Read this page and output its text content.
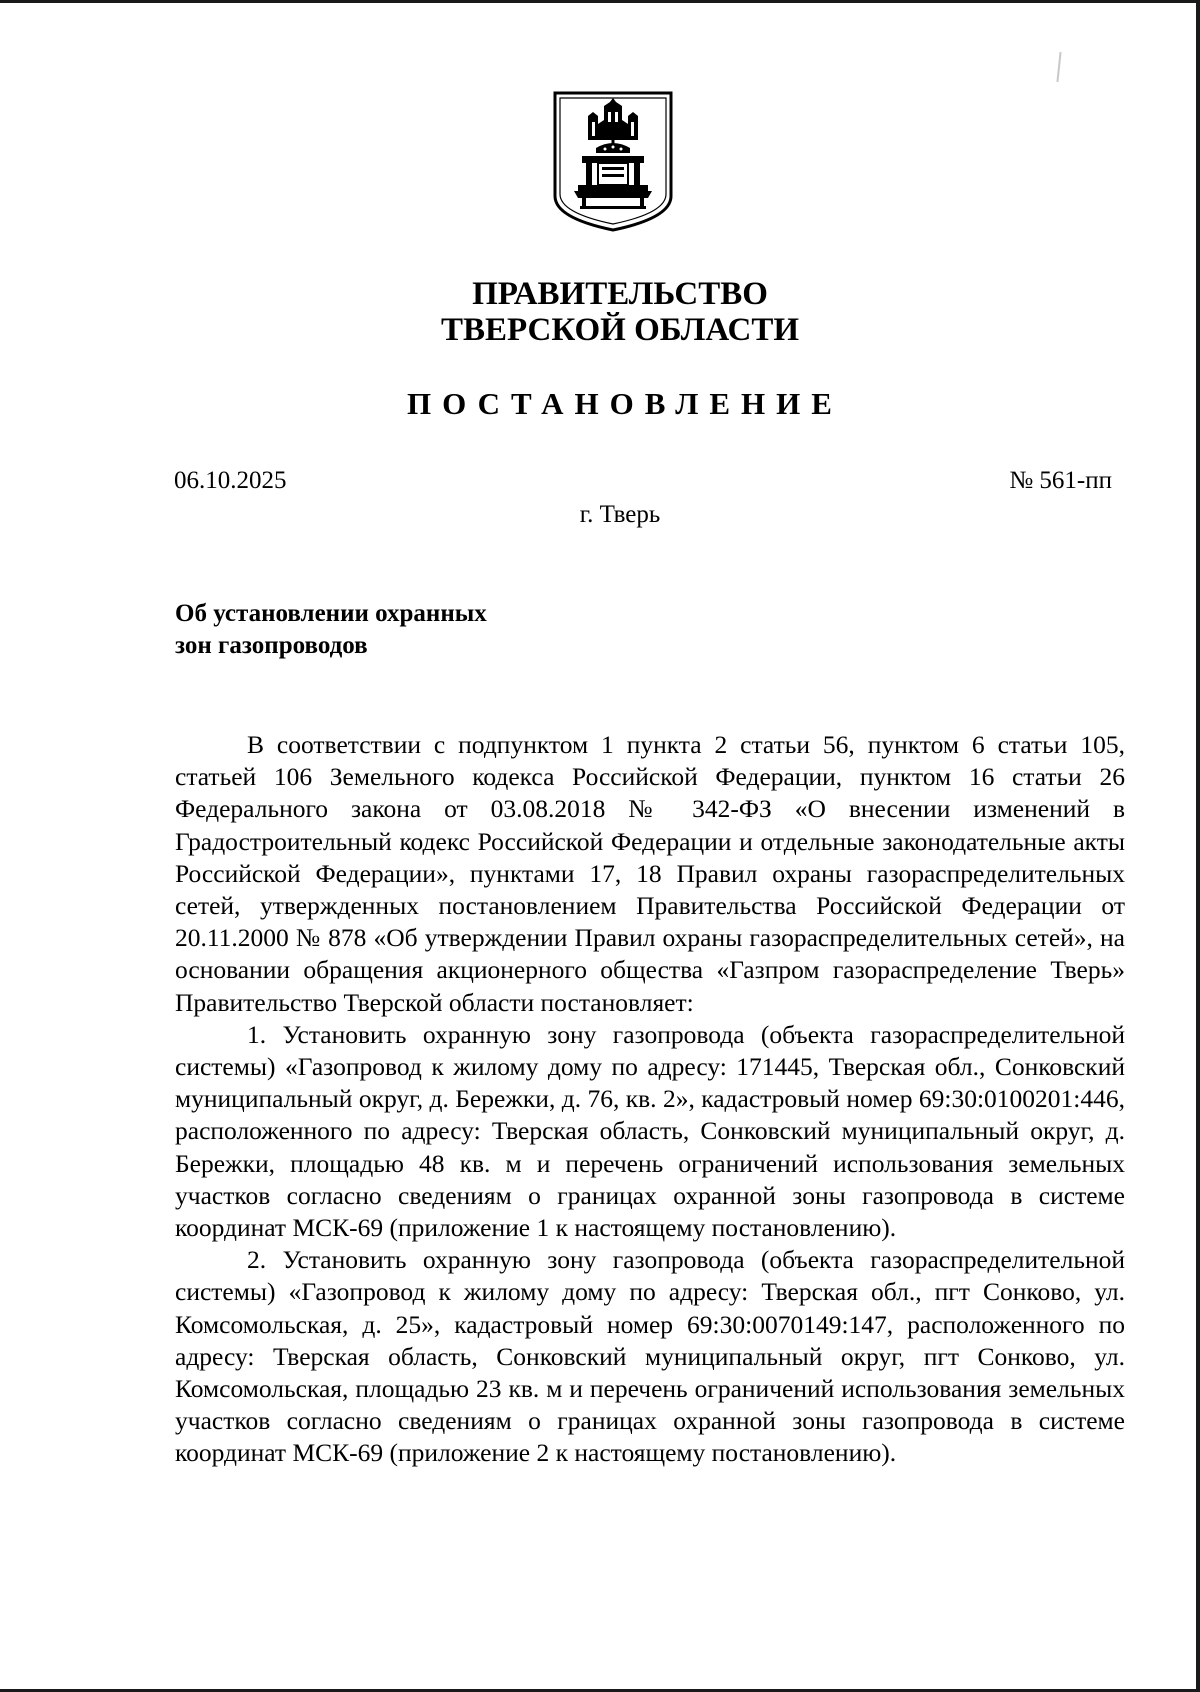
ПРАВИТЕЛЬСТВО
ТВЕРСКОЙ ОБЛАСТИ
ПОСТАНОВЛЕНИЕ
06.10.2025	№ 561-пп
г. Тверь
Об установлении охранных
зон газопроводов

В соответствии с подпунктом 1 пункта 2 статьи 56, пунктом 6 статьи 105, статьей 106 Земельного кодекса Российской Федерации, пунктом 16 статьи 26 Федерального закона от 03.08.2018 № 342-ФЗ «О внесении изменений в Градостроительный кодекс Российской Федерации и отдельные законодательные акты Российской Федерации», пунктами 17, 18 Правил охраны газораспределительных сетей, утвержденных постановлением Правительства Российской Федерации от 20.11.2000 № 878 «Об утверждении Правил охраны газораспределительных сетей», на основании обращения акционерного общества «Газпром газораспределение Тверь» Правительство Тверской области постановляет:

1. Установить охранную зону газопровода (объекта газораспределительной системы) «Газопровод к жилому дому по адресу: 171445, Тверская обл., Сонковский муниципальный округ, д. Бережки, д. 76, кв. 2», кадастровый номер 69:30:0100201:446, расположенного по адресу: Тверская область, Сонковский муниципальный округ, д. Бережки, площадью 48 кв. м и перечень ограничений использования земельных участков согласно сведениям о границах охранной зоны газопровода в системе координат МСК-69 (приложение 1 к настоящему постановлению).

2. Установить охранную зону газопровода (объекта газораспределительной системы) «Газопровод к жилому дому по адресу: Тверская обл., пгт Сонково, ул. Комсомольская, д. 25», кадастровый номер 69:30:0070149:147, расположенного по адресу: Тверская область, Сонковский муниципальный округ, пгт Сонково, ул. Комсомольская, площадью 23 кв. м и перечень ограничений использования земельных участков согласно сведениям о границах охранной зоны газопровода в системе координат МСК-69 (приложение 2 к настоящему постановлению).
